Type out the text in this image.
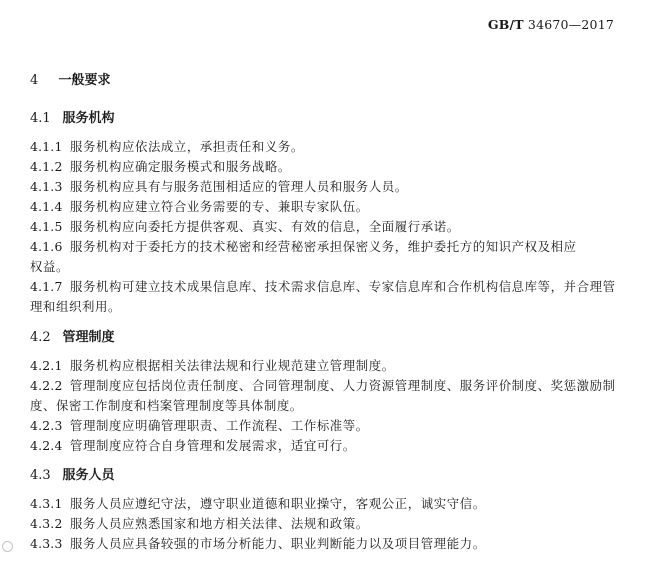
GB/T 34670—2017
4 一般要求
4.1 服务机构
4.1.1 服务机构应依法成立，承担责任和义务。
4.1.2 服务机构应确定服务模式和服务战略。
4.1.3 服务机构应具有与服务范围相适应的管理人员和服务人员。
4.1.4 服务机构应建立符合业务需要的专、兼职专家队伍。
4.1.5 服务机构应向委托方提供客观、真实、有效的信息，全面履行承诺。
4.1.6 服务机构对于委托方的技术秘密和经营秘密承担保密义务，维护委托方的知识产权及相应
权益。
4.1.7 服务机构可建立技术成果信息库、技术需求信息库、专家信息库和合作机构信息库等，并合理管
理和组织利用。
4.2 管理制度
4.2.1 服务机构应根据相关法律法规和行业规范建立管理制度。
4.2.2 管理制度应包括岗位责任制度、合同管理制度、人力资源管理制度、服务评价制度、奖惩激励制
度、保密工作制度和档案管理制度等具体制度。
4.2.3 管理制度应明确管理职责、工作流程、工作标准等。
4.2.4 管理制度应符合自身管理和发展需求，适宜可行。
4.3 服务人员
4.3.1 服务人员应遵纪守法，遵守职业道德和职业操守，客观公正，诚实守信。
4.3.2 服务人员应熟悉国家和地方相关法律、法规和政策。
4.3.3 服务人员应具备较强的市场分析能力、职业判断能力以及项目管理能力。
